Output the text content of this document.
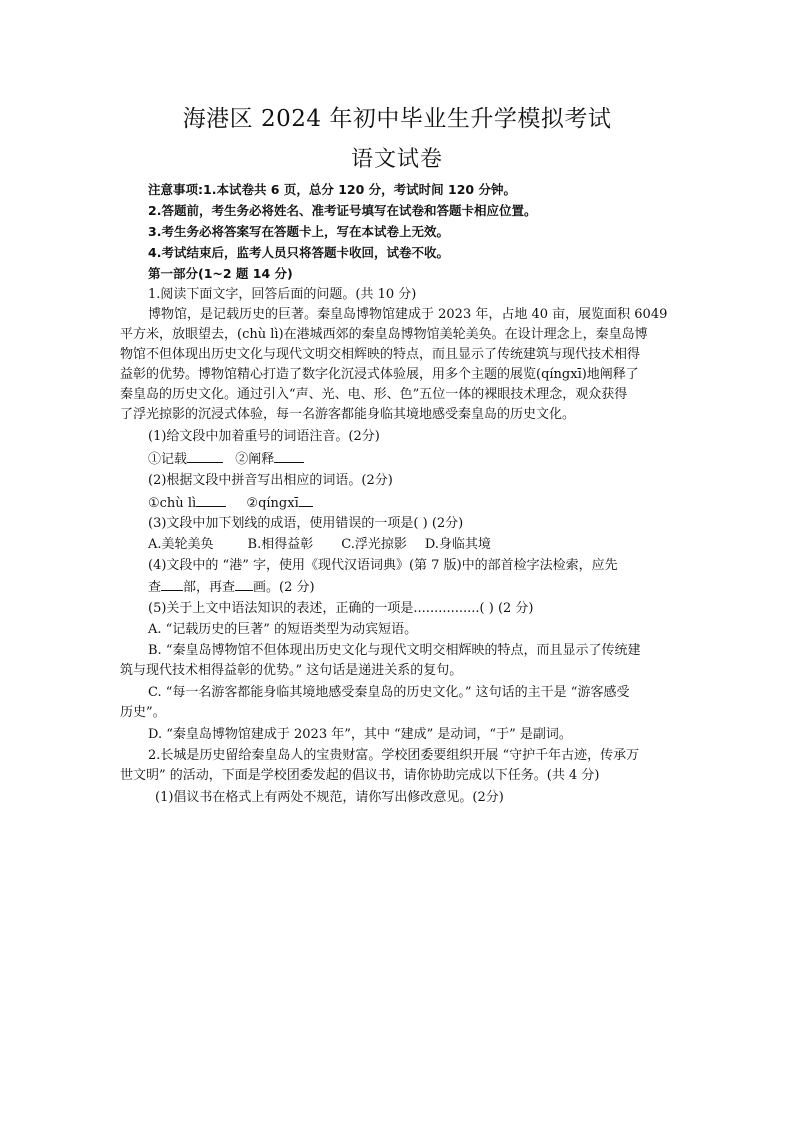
海港区 2024 年初中毕业生升学模拟考试
语文试卷
注意事项:1.本试卷共 6 页，总分 120 分，考试时间 120 分钟。
2.答题前，考生务必将姓名、准考证号填写在试卷和答题卡相应位置。
3.考生务必将答案写在答题卡上，写在本试卷上无效。
4.考试结束后，监考人员只将答题卡收回，试卷不收。
第一部分(1~2 题 14 分)
1.阅读下面文字，回答后面的问题。(共 10 分)
博物馆，是记载历史的巨著。秦皇岛博物馆建成于 2023 年，占地 40 亩，展览面积 6049
平方米，放眼望去，(chù lì)在港城西郊的秦皇岛博物馆美轮美奂。在设计理念上，秦皇岛博
物馆不但体现出历史文化与现代文明交相辉映的特点，而且显示了传统建筑与现代技术相得
益彰的优势。博物馆精心打造了数字化沉浸式体验展，用多个主题的展览(qíngxī)地阐释了
秦皇岛的历史文化。通过引入“声、光、电、形、色”五位一体的裸眼技术理念，观众获得
了浮光掠影的沉浸式体验，每一名游客都能身临其境地感受秦皇岛的历史文化。
(1)给文段中加着重号的词语注音。(2分)
①记载	②阐释
(2)根据文段中拼音写出相应的词语。(2分)
①chù lì	②qíngxī
(3)文段中加下划线的成语，使用错误的一项是( ) (2分)
A.美轮美奂	B.相得益彰 C.浮光掠影 D.身临其境
(4)文段中的 “港” 字，使用《现代汉语词典》(第 7 版)中的部首检字法检索，应先
查 部，再查 画。(2 分)
(5)关于上文中语法知识的表述，正确的一项是................( ) (2 分)
A. “记载历史的巨著” 的短语类型为动宾短语。
B. “秦皇岛博物馆不但体现出历史文化与现代文明交相辉映的特点，而且显示了传统建
筑与现代技术相得益彰的优势。” 这句话是递进关系的复句。
C. “每一名游客都能身临其境地感受秦皇岛的历史文化。” 这句话的主干是 “游客感受
历史”。
D. “秦皇岛博物馆建成于 2023 年”，其中 “建成” 是动词，“于” 是副词。
2.长城是历史留给秦皇岛人的宝贵财富。学校团委要组织开展 “守护千年古迹，传承万
世文明” 的活动，下面是学校团委发起的倡议书，请你协助完成以下任务。(共 4 分)
(1)倡议书在格式上有两处不规范，请你写出修改意见。(2分)
